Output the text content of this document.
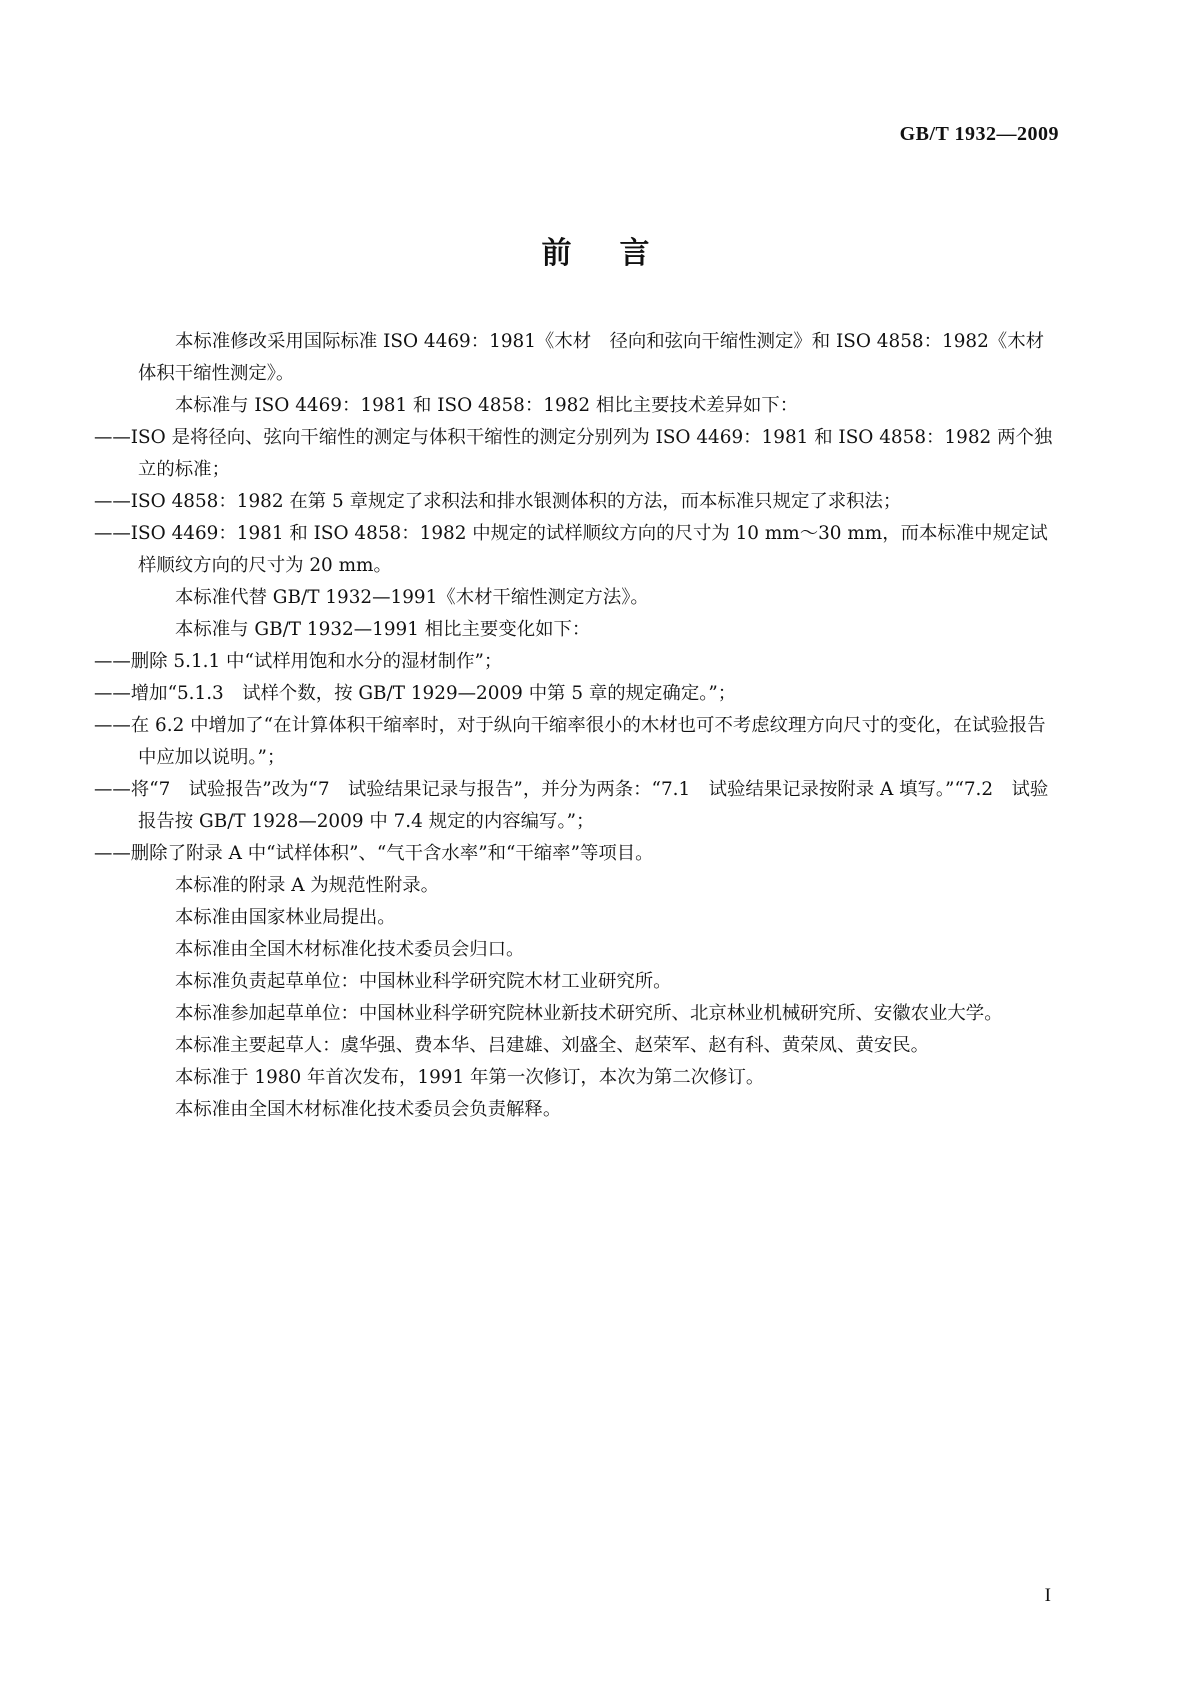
GB/T 1932—2009
前言

本标准修改采用国际标准 ISO 4469：1981《木材　径向和弦向干缩性测定》和 ISO 4858：1982《木材　体积干缩性测定》。

本标准与 ISO 4469：1981 和 ISO 4858：1982 相比主要技术差异如下：

——ISO 是将径向、弦向干缩性的测定与体积干缩性的测定分别列为 ISO 4469：1981 和 ISO 4858：1982 两个独立的标准；

——ISO 4858：1982 在第 5 章规定了求积法和排水银测体积的方法，而本标准只规定了求积法；

——ISO 4469：1981 和 ISO 4858：1982 中规定的试样顺纹方向的尺寸为 10 mm～30 mm，而本标准中规定试样顺纹方向的尺寸为 20 mm。

本标准代替 GB/T 1932—1991《木材干缩性测定方法》。

本标准与 GB/T 1932—1991 相比主要变化如下：

——删除 5.1.1 中“试样用饱和水分的湿材制作”；

——增加“5.1.3　试样个数，按 GB/T 1929—2009 中第 5 章的规定确定。”；

——在 6.2 中增加了“在计算体积干缩率时，对于纵向干缩率很小的木材也可不考虑纹理方向尺寸的变化，在试验报告中应加以说明。”；

——将“7　试验报告”改为“7　试验结果记录与报告”，并分为两条：“7.1　试验结果记录按附录 A 填写。”“7.2　试验报告按 GB/T 1928—2009 中 7.4 规定的内容编写。”；

——删除了附录 A 中“试样体积”、“气干含水率”和“干缩率”等项目。

本标准的附录 A 为规范性附录。

本标准由国家林业局提出。

本标准由全国木材标准化技术委员会归口。

本标准负责起草单位：中国林业科学研究院木材工业研究所。

本标准参加起草单位：中国林业科学研究院林业新技术研究所、北京林业机械研究所、安徽农业大学。

本标准主要起草人：虞华强、费本华、吕建雄、刘盛全、赵荣军、赵有科、黄荣凤、黄安民。

本标准于 1980 年首次发布，1991 年第一次修订，本次为第二次修订。

本标准由全国木材标准化技术委员会负责解释。

I
